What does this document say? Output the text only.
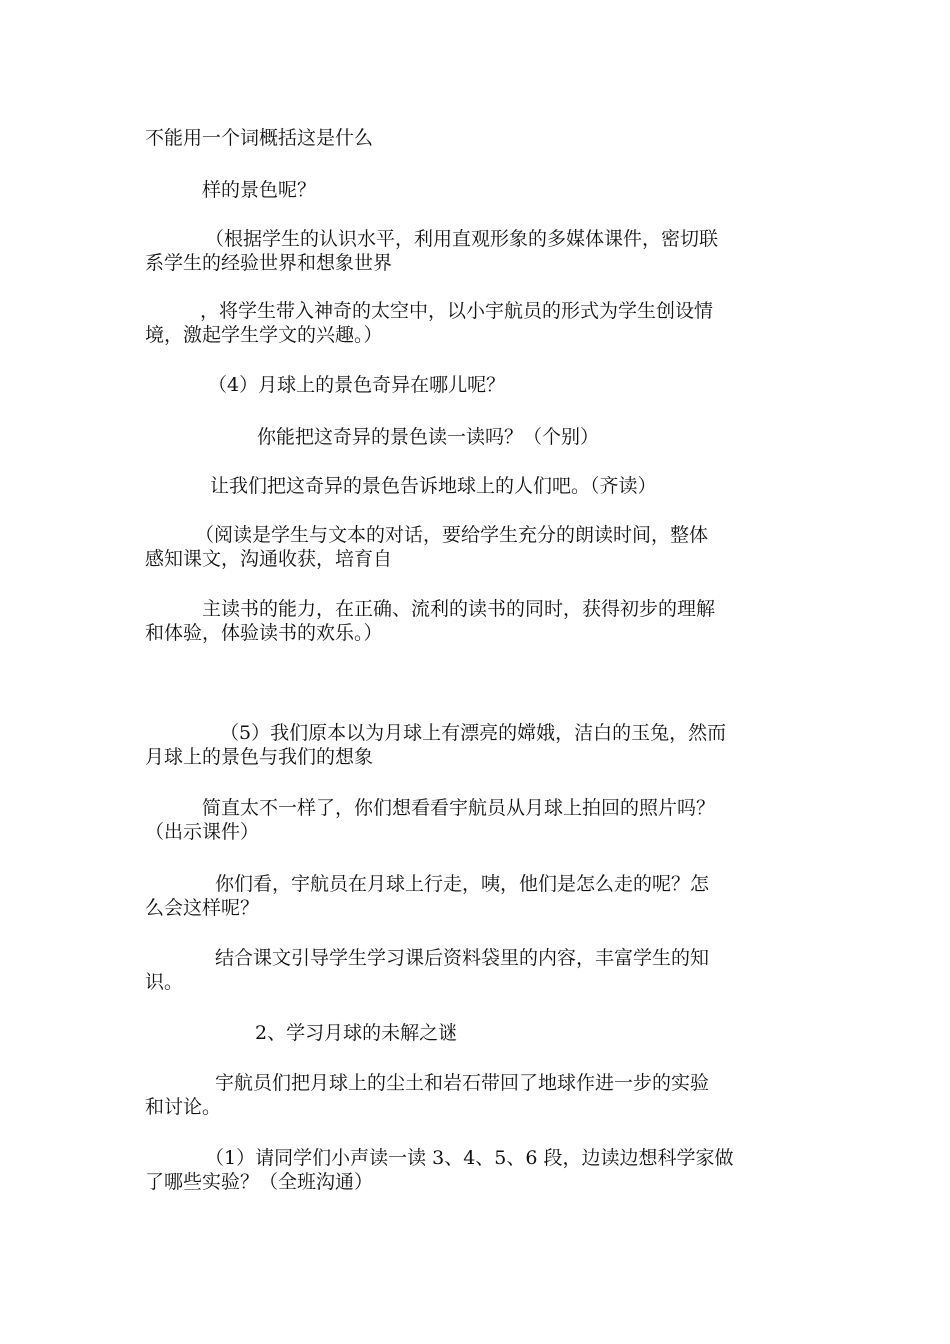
不能用一个词概括这是什么
样的景色呢？
（根据学生的认识水平，利用直观形象的多媒体课件，密切联
系学生的经验世界和想象世界
，将学生带入神奇的太空中，以小宇航员的形式为学生创设情
境，激起学生学文的兴趣。）
（4）月球上的景色奇异在哪儿呢？
你能把这奇异的景色读一读吗？（个别）
让我们把这奇异的景色告诉地球上的人们吧。（齐读）
（阅读是学生与文本的对话，要给学生充分的朗读时间，整体
感知课文，沟通收获，培育自
主读书的能力，在正确、流利的读书的同时，获得初步的理解
和体验，体验读书的欢乐。）
（5）我们原本以为月球上有漂亮的嫦娥，洁白的玉兔，然而
月球上的景色与我们的想象
简直太不一样了，你们想看看宇航员从月球上拍回的照片吗？
（出示课件）
你们看，宇航员在月球上行走，咦，他们是怎么走的呢？怎
么会这样呢？
结合课文引导学生学习课后资料袋里的内容，丰富学生的知
识。
2、学习月球的未解之谜
宇航员们把月球上的尘土和岩石带回了地球作进一步的实验
和讨论。
（1）请同学们小声读一读 3、4、5、6 段，边读边想科学家做
了哪些实验？（全班沟通）
